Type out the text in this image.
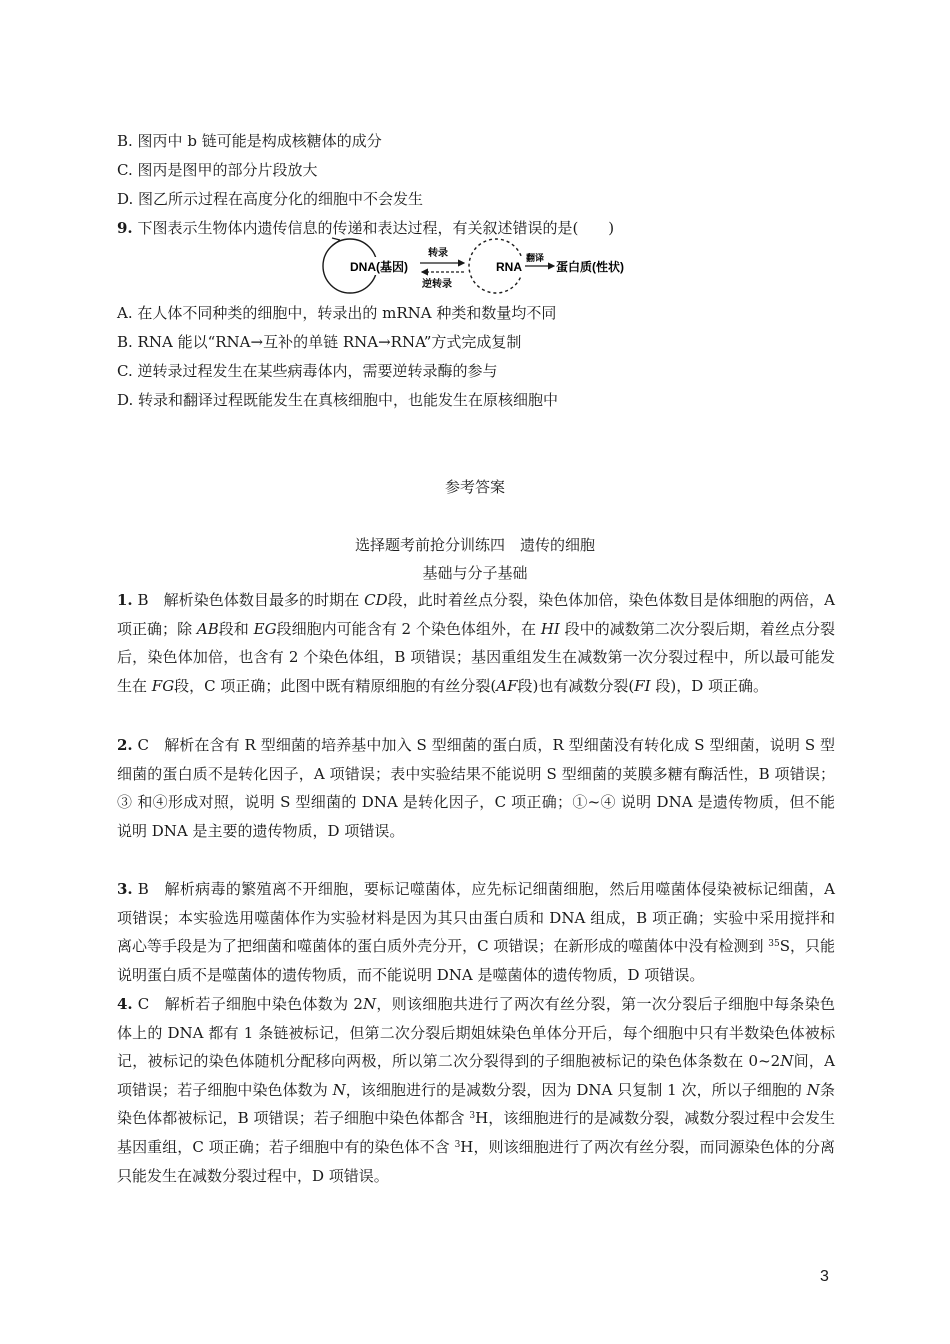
B. 图丙中 b 链可能是构成核糖体的成分
C. 图丙是图甲的部分片段放大
D. 图乙所示过程在高度分化的细胞中不会发生
9. 下图表示生物体内遗传信息的传递和表达过程，有关叙述错误的是(　　)
DNA(基因)
转录
逆转录
RNA
翻译
蛋白质(性状)
A. 在人体不同种类的细胞中，转录出的 mRNA 种类和数量均不同
B. RNA 能以“RNA→互补的单链 RNA→RNA”方式完成复制
C. 逆转录过程发生在某些病毒体内，需要逆转录酶的参与
D. 转录和翻译过程既能发生在真核细胞中，也能发生在原核细胞中
参考答案
选择题考前抢分训练四　遗传的细胞
基础与分子基础
1. B　解析染色体数目最多的时期在 CD段，此时着丝点分裂，染色体加倍，染色体数目是体细胞的两倍，A 项正确；除 AB段和 EG段细胞内可能含有 2 个染色体组外，在 HI 段中的减数第二次分裂后期，着丝点分裂后，染色体加倍，也含有 2 个染色体组，B 项错误；基因重组发生在减数第一次分裂过程中，所以最可能发生在 FG段，C 项正确；此图中既有精原细胞的有丝分裂(AF段)也有减数分裂(FI 段)，D 项正确。
2. C　解析在含有 R 型细菌的培养基中加入 S 型细菌的蛋白质，R 型细菌没有转化成 S 型细菌，说明 S 型细菌的蛋白质不是转化因子，A 项错误；表中实验结果不能说明 S 型细菌的荚膜多糖有酶活性，B 项错误；③ 和④形成对照，说明 S 型细菌的 DNA 是转化因子，C 项正确；①~④ 说明 DNA 是遗传物质，但不能说明 DNA 是主要的遗传物质，D 项错误。
3. B　解析病毒的繁殖离不开细胞，要标记噬菌体，应先标记细菌细胞，然后用噬菌体侵染被标记细菌，A 项错误；本实验选用噬菌体作为实验材料是因为其只由蛋白质和 DNA 组成，B 项正确；实验中采用搅拌和离心等手段是为了把细菌和噬菌体的蛋白质外壳分开，C 项错误；在新形成的噬菌体中没有检测到 $^{35}$S，只能说明蛋白质不是噬菌体的遗传物质，而不能说明 DNA 是噬菌体的遗传物质，D 项错误。
4. C　解析若子细胞中染色体数为 2N，则该细胞共进行了两次有丝分裂，第一次分裂后子细胞中每条染色体上的 DNA 都有 1 条链被标记，但第二次分裂后期姐妹染色单体分开后，每个细胞中只有半数染色体被标记，被标记的染色体随机分配移向两极，所以第二次分裂得到的子细胞被标记的染色体条数在 0~2N间，A 项错误；若子细胞中染色体数为 N，该细胞进行的是减数分裂，因为 DNA 只复制 1 次，所以子细胞的 N条染色体都被标记，B 项错误；若子细胞中染色体都含 $^3$H，该细胞进行的是减数分裂，减数分裂过程中会发生基因重组，C 项正确；若子细胞中有的染色体不含 $^3$H，则该细胞进行了两次有丝分裂，而同源染色体的分离只能发生在减数分裂过程中，D 项错误。
3
